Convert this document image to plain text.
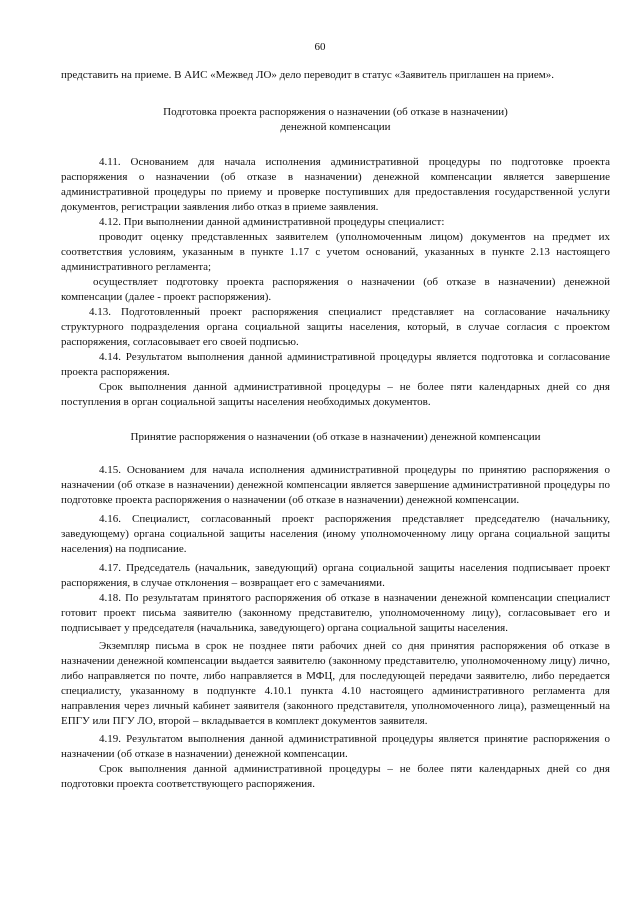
60

представить на приеме. В АИС «Межвед ЛО» дело переводит в статус «Заявитель приглашен на прием».

Подготовка проекта распоряжения о назначении (об отказе в назначении)
денежной компенсации

4.11. Основанием для начала исполнения административной процедуры по подготовке проекта распоряжения о назначении (об отказе в назначении) денежной компенсации является завершение административной процедуры по приему и проверке поступивших для предоставления государственной услуги документов, регистрации заявления либо отказ в приеме заявления.

4.12. При выполнении данной административной процедуры специалист:

проводит оценку представленных заявителем (уполномоченным лицом) документов на предмет их соответствия условиям, указанным в пункте 1.17 с учетом оснований, указанных в пункте 2.13 настоящего административного регламента;

осуществляет подготовку проекта распоряжения о назначении (об отказе в назначении) денежной компенсации (далее - проект распоряжения).

4.13. Подготовленный проект распоряжения специалист представляет на согласование начальнику структурного подразделения органа социальной защиты населения, который, в случае согласия с проектом распоряжения, согласовывает его своей подписью.

4.14. Результатом выполнения данной административной процедуры является подготовка и согласование проекта распоряжения.

Срок выполнения данной административной процедуры – не более пяти календарных дней со дня поступления в орган социальной защиты населения необходимых документов.

Принятие распоряжения о назначении (об отказе в назначении) денежной компенсации

4.15. Основанием для начала исполнения административной процедуры по принятию распоряжения о назначении (об отказе в назначении) денежной компенсации является завершение административной процедуры по подготовке проекта распоряжения о назначении (об отказе в назначении) денежной компенсации.

4.16. Специалист, согласованный проект распоряжения представляет председателю (начальнику, заведующему) органа социальной защиты населения (иному уполномоченному лицу органа социальной защиты населения) на подписание.

4.17. Председатель (начальник, заведующий) органа социальной защиты населения подписывает проект распоряжения, в случае отклонения – возвращает его с замечаниями.

4.18. По результатам принятого распоряжения об отказе в назначении денежной компенсации специалист готовит проект письма заявителю (законному представителю, уполномоченному лицу), согласовывает его и подписывает у председателя (начальника, заведующего) органа социальной защиты населения.

Экземпляр письма в срок не позднее пяти рабочих дней со дня принятия распоряжения об отказе в назначении денежной компенсации выдается заявителю (законному представителю, уполномоченному лицу) лично, либо направляется по почте, либо направляется в МФЦ, для последующей передачи заявителю, либо передается специалисту, указанному в подпункте 4.10.1 пункта 4.10 настоящего административного регламента для направления через личный кабинет заявителя (законного представителя, уполномоченного лица), размещенный на ЕПГУ или ПГУ ЛО, второй – вкладывается в комплект документов заявителя.

4.19. Результатом выполнения данной административной процедуры является принятие распоряжения о назначении (об отказе в назначении) денежной компенсации.

Срок выполнения данной административной процедуры – не более пяти календарных дней со дня подготовки проекта соответствующего распоряжения.
